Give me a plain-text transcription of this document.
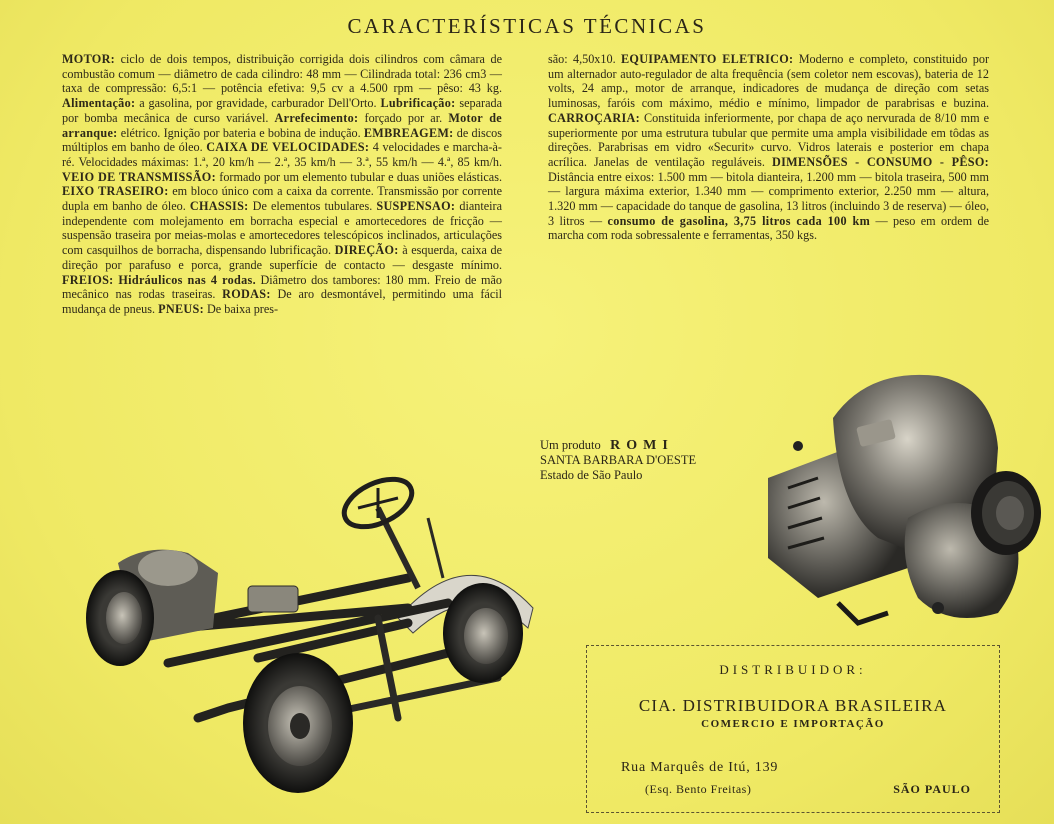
CARACTERÍSTICAS TÉCNICAS
MOTOR: ciclo de dois tempos, distribuição corrigida dois cilindros com câmara de combustão comum — diâmetro de cada cilindro: 48 mm — Cilindrada total: 236 cm3 — taxa de compressão: 6,5:1 — potência efetiva: 9,5 cv a 4.500 rpm — pêso: 43 kg. Alimentação: a gasolina, por gravidade, carburador Dell'Orto. Lubrificação: separada por bomba mecânica de curso variável. Arrefecimento: forçado por ar. Motor de arranque: elétrico. Ignição por bateria e bobina de indução. EMBREAGEM: de discos múltiplos em banho de óleo. CAIXA DE VELOCIDADES: 4 velocidades e marcha-à-ré. Velocidades máximas: 1.ª, 20 km/h — 2.ª, 35 km/h — 3.ª, 55 km/h — 4.ª, 85 km/h. VEIO DE TRANSMISSÃO: formado por um elemento tubular e duas uniões elásticas. EIXO TRASEIRO: em bloco único com a caixa da corrente. Transmissão por corrente dupla em banho de óleo. CHASSIS: De elementos tubulares. SUSPENSAO: dianteira independente com molejamento em borracha especial e amortecedores de fricção — suspensão traseira por meias-molas e amortecedores telescópicos inclinados, articulações com casquilhos de borracha, dispensando lubrificação. DIREÇÃO: à esquerda, caixa de direção por parafuso e porca, grande superfície de contacto — desgaste mínimo. FREIOS: Hidráulicos nas 4 rodas. Diâmetro dos tambores: 180 mm. Freio de mão mecânico nas rodas traseiras. RODAS: De aro desmontável, permitindo uma fácil mudança de pneus. PNEUS: De baixa pres-
são: 4,50x10. EQUIPAMENTO ELETRICO: Moderno e completo, constituido por um alternador auto-regulador de alta frequência (sem coletor nem escovas), bateria de 12 volts, 24 amp., motor de arranque, indicadores de mudança de direção com setas luminosas, faróis com máximo, médio e mínimo, limpador de parabrisas e buzina. CARROÇARIA: Constituida inferiormente, por chapa de aço nervurada de 8/10 mm e superiormente por uma estrutura tubular que permite uma ampla visibilidade em tôdas as direções. Parabrisas em vidro «Securit» curvo. Vidros laterais e posterior em chapa acrílica. Janelas de ventilação reguláveis. DIMENSÕES - CONSUMO - PÊSO: Distância entre eixos: 1.500 mm — bitola dianteira, 1.200 mm — bitola traseira, 500 mm — largura máxima exterior, 1.340 mm — comprimento exterior, 2.250 mm — altura, 1.320 mm — capacidade do tanque de gasolina, 13 litros (incluindo 3 de reserva) — óleo, 3 litros — consumo de gasolina, 3,75 litros cada 100 km — peso em ordem de marcha com roda sobressalente e ferramentas, 350 kgs.
Um produto ROMI
SANTA BARBARA D'OESTE
Estado de São Paulo
DISTRIBUIDOR:
CIA. DISTRIBUIDORA BRASILEIRA
COMERCIO E IMPORTAÇÃO
Rua Marquês de Itú, 139
(Esq. Bento Freitas)	SÃO PAULO
